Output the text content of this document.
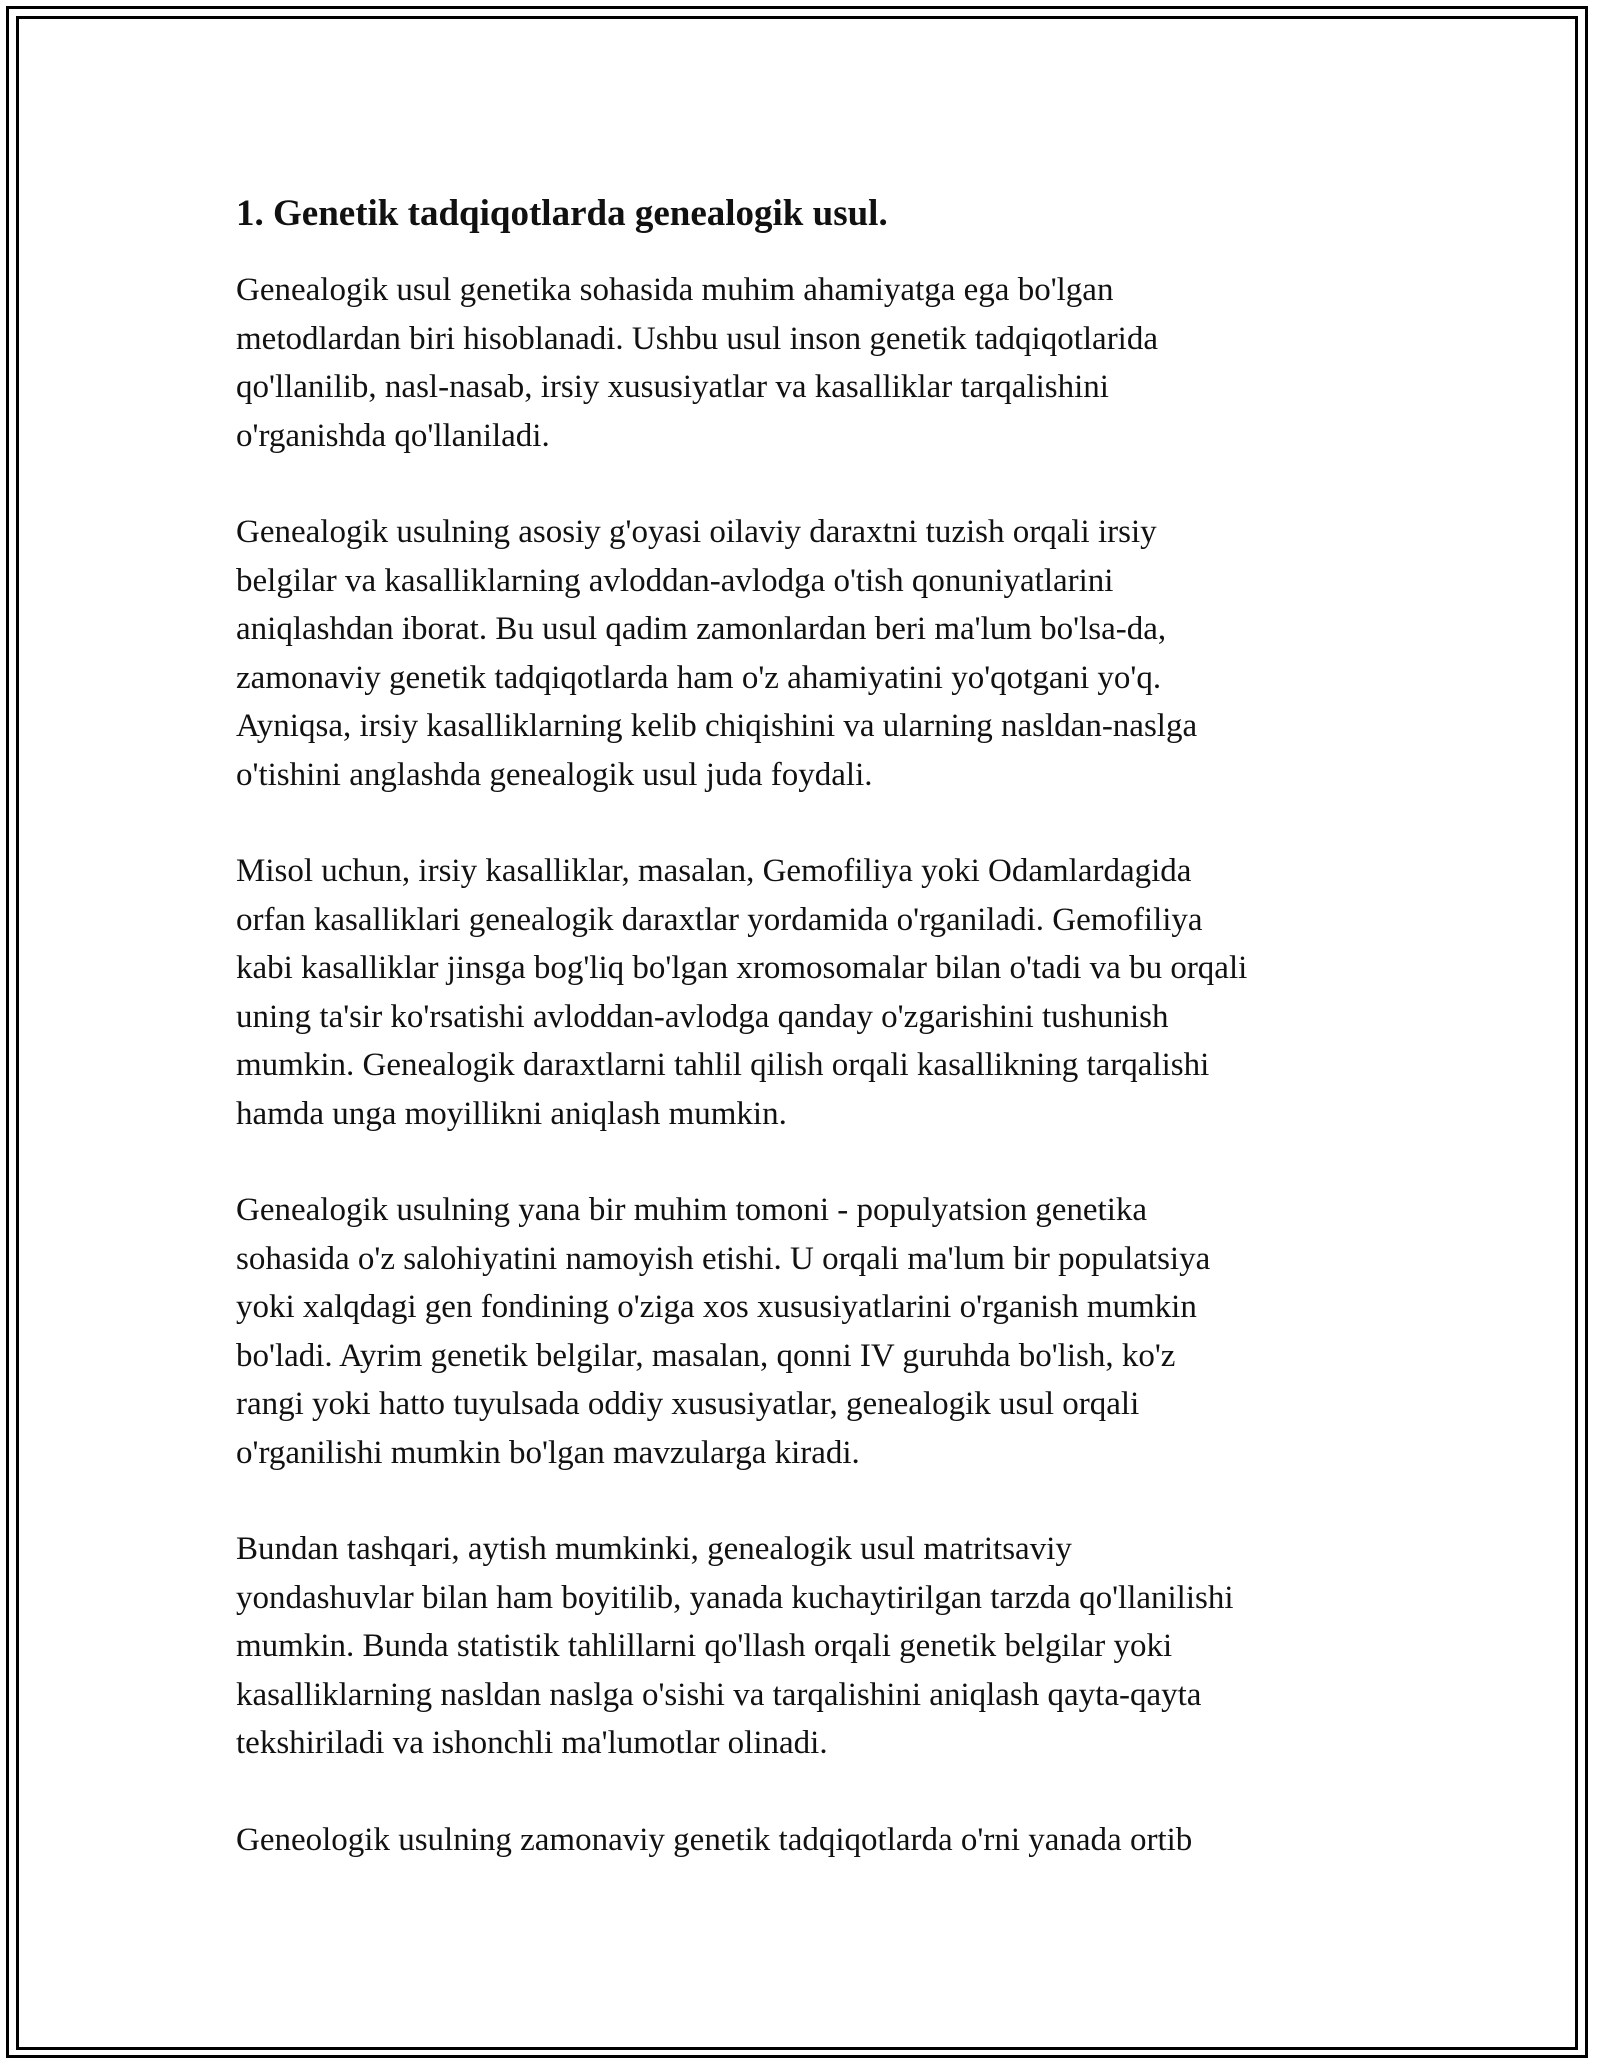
1. Genetik tadqiqotlarda genealogik usul.

Genealogik usul genetika sohasida muhim ahamiyatga ega bo'lgan
metodlardan biri hisoblanadi. Ushbu usul inson genetik tadqiqotlarida
qo'llanilib, nasl-nasab, irsiy xususiyatlar va kasalliklar tarqalishini
o'rganishda qo'llaniladi.

Genealogik usulning asosiy g'oyasi oilaviy daraxtni tuzish orqali irsiy
belgilar va kasalliklarning avloddan-avlodga o'tish qonuniyatlarini
aniqlashdan iborat. Bu usul qadim zamonlardan beri ma'lum bo'lsa-da,
zamonaviy genetik tadqiqotlarda ham o'z ahamiyatini yo'qotgani yo'q.
Ayniqsa, irsiy kasalliklarning kelib chiqishini va ularning nasldan-naslga
o'tishini anglashda genealogik usul juda foydali.

Misol uchun, irsiy kasalliklar, masalan, Gemofiliya yoki Odamlardagida
orfan kasalliklari genealogik daraxtlar yordamida o'rganiladi. Gemofiliya
kabi kasalliklar jinsga bog'liq bo'lgan xromosomalar bilan o'tadi va bu orqali
uning ta'sir ko'rsatishi avloddan-avlodga qanday o'zgarishini tushunish
mumkin. Genealogik daraxtlarni tahlil qilish orqali kasallikning tarqalishi
hamda unga moyillikni aniqlash mumkin.

Genealogik usulning yana bir muhim tomoni - populyatsion genetika
sohasida o'z salohiyatini namoyish etishi. U orqali ma'lum bir populatsiya
yoki xalqdagi gen fondining o'ziga xos xususiyatlarini o'rganish mumkin
bo'ladi. Ayrim genetik belgilar, masalan, qonni IV guruhda bo'lish, ko'z
rangi yoki hatto tuyulsada oddiy xususiyatlar, genealogik usul orqali
o'rganilishi mumkin bo'lgan mavzularga kiradi.

Bundan tashqari, aytish mumkinki, genealogik usul matritsaviy
yondashuvlar bilan ham boyitilib, yanada kuchaytirilgan tarzda qo'llanilishi
mumkin. Bunda statistik tahlillarni qo'llash orqali genetik belgilar yoki
kasalliklarning nasldan naslga o'sishi va tarqalishini aniqlash qayta-qayta
tekshiriladi va ishonchli ma'lumotlar olinadi.

Geneologik usulning zamonaviy genetik tadqiqotlarda o'rni yanada ortib
